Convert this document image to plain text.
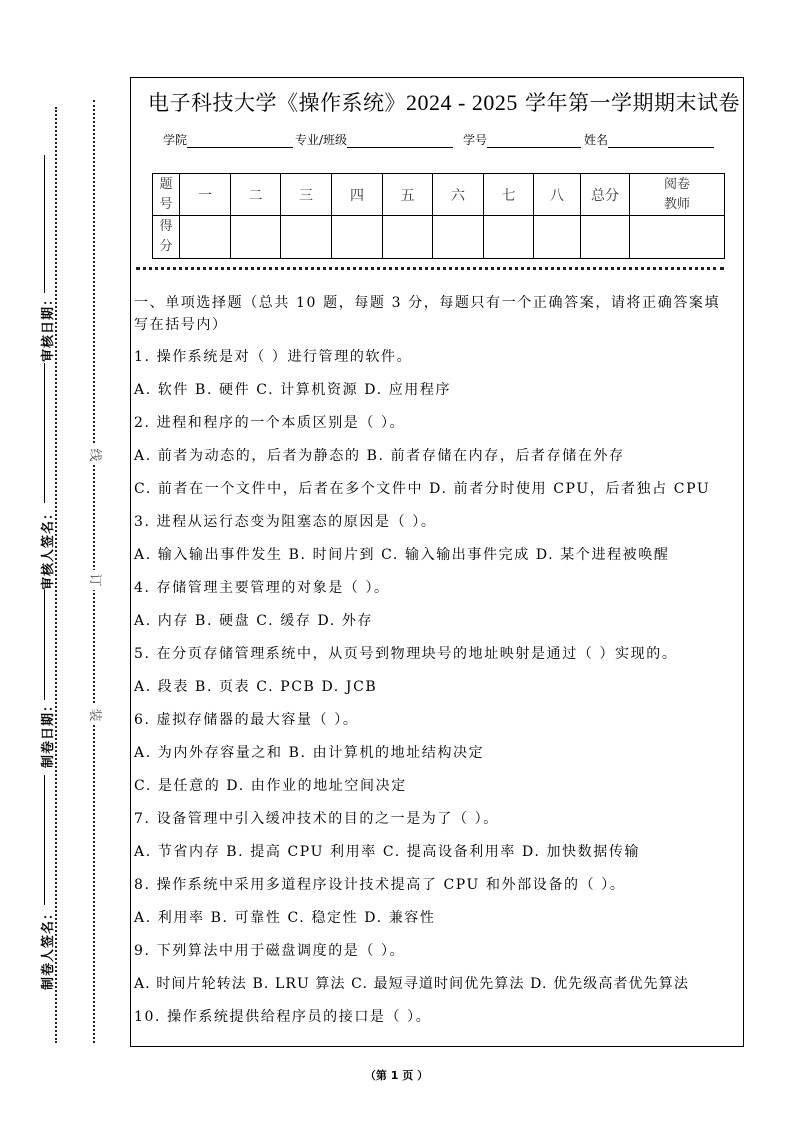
线
订
装
审核日期：
审核人签名：
制卷日期：
制卷人签名：
电子科技大学《操作系统》2024 - 2025 学年第一学期期末试卷
学院	专业/班级	学号	姓名
题
号	一	二	三	四	五	六	七	八	总分	阅卷
教师
得
分										
一、单项选择题（总共 10 题，每题 3 分，每题只有一个正确答案，请将正确答案填
写在括号内）
1. 操作系统是对（ ）进行管理的软件。
A. 软件 B. 硬件 C. 计算机资源 D. 应用程序
2. 进程和程序的一个本质区别是（ ）。
A. 前者为动态的，后者为静态的 B. 前者存储在内存，后者存储在外存
C. 前者在一个文件中，后者在多个文件中 D. 前者分时使用 CPU，后者独占 CPU
3. 进程从运行态变为阻塞态的原因是（ ）。
A. 输入输出事件发生 B. 时间片到 C. 输入输出事件完成 D. 某个进程被唤醒
4. 存储管理主要管理的对象是（ ）。
A. 内存 B. 硬盘 C. 缓存 D. 外存
5. 在分页存储管理系统中，从页号到物理块号的地址映射是通过（ ）实现的。
A. 段表 B. 页表 C. PCB D. JCB
6. 虚拟存储器的最大容量（ ）。
A. 为内外存容量之和 B. 由计算机的地址结构决定
C. 是任意的 D. 由作业的地址空间决定
7. 设备管理中引入缓冲技术的目的之一是为了（ ）。
A. 节省内存 B. 提高 CPU 利用率 C. 提高设备利用率 D. 加快数据传输
8. 操作系统中采用多道程序设计技术提高了 CPU 和外部设备的（ ）。
A. 利用率 B. 可靠性 C. 稳定性 D. 兼容性
9. 下列算法中用于磁盘调度的是（ ）。
A. 时间片轮转法 B. LRU 算法 C. 最短寻道时间优先算法 D. 优先级高者优先算法
10. 操作系统提供给程序员的接口是（ ）。
（第 1 页 ）
